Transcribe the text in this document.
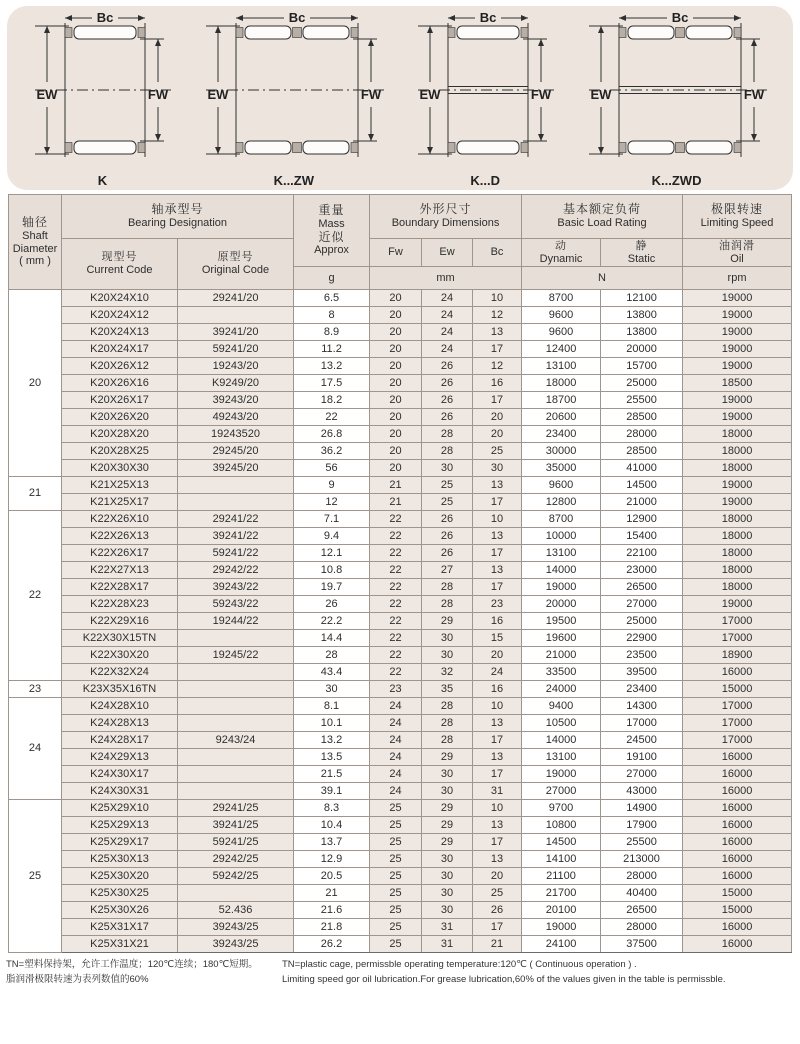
Bc
EW	FW
K
Bc
EW	FW
K...ZW
Bc
EW	FW
K...D
Bc
EW	FW
K...ZWD
轴径
Shaft
Diameter
( mm )

轴承型号
Bearing Designation

重量
Mass
近似
Approx

外形尺寸
Boundary Dimensions

基本额定负荷
Basic Load Rating

极限转速
Limiting Speed

现型号
Current Code

原型号
Original Code
	Fw	Ew	Bc	
动
Dynamic

静
Static

油润滑
Oil

			g	mm			N		rpm
20	K20X24X10	29241/20	6.5	20	24	10	8700	12100	19000
	K20X24X12		8	20	24	12	9600	13800	19000
	K20X24X13	39241/20	8.9	20	24	13	9600	13800	19000
	K20X24X17	59241/20	11.2	20	24	17	12400	20000	19000
	K20X26X12	19243/20	13.2	20	26	12	13100	15700	19000
	K20X26X16	K9249/20	17.5	20	26	16	18000	25000	18500
	K20X26X17	39243/20	18.2	20	26	17	18700	25500	19000
	K20X26X20	49243/20	22	20	26	20	20600	28500	19000
	K20X28X20	19243520	26.8	20	28	20	23400	28000	18000
	K20X28X25	29245/20	36.2	20	28	25	30000	28500	18000
	K20X30X30	39245/20	56	20	30	30	35000	41000	18000
21	K21X25X13		9	21	25	13	9600	14500	19000
	K21X25X17		12	21	25	17	12800	21000	19000
22	K22X26X10	29241/22	7.1	22	26	10	8700	12900	18000
	K22X26X13	39241/22	9.4	22	26	13	10000	15400	18000
	K22X26X17	59241/22	12.1	22	26	17	13100	22100	18000
	K22X27X13	29242/22	10.8	22	27	13	14000	23000	18000
	K22X28X17	39243/22	19.7	22	28	17	19000	26500	18000
	K22X28X23	59243/22	26	22	28	23	20000	27000	19000
	K22X29X16	19244/22	22.2	22	29	16	19500	25000	17000
	K22X30X15TN		14.4	22	30	15	19600	22900	17000
	K22X30X20	19245/22	28	22	30	20	21000	23500	18900
	K22X32X24		43.4	22	32	24	33500	39500	16000
23	K23X35X16TN		30	23	35	16	24000	23400	15000
24	K24X28X10		8.1	24	28	10	9400	14300	17000
	K24X28X13		10.1	24	28	13	10500	17000	17000
	K24X28X17	9243/24	13.2	24	28	17	14000	24500	17000
	K24X29X13		13.5	24	29	13	13100	19100	16000
	K24X30X17		21.5	24	30	17	19000	27000	16000
	K24X30X31		39.1	24	30	31	27000	43000	16000
25	K25X29X10	29241/25	8.3	25	29	10	9700	14900	16000
	K25X29X13	39241/25	10.4	25	29	13	10800	17900	16000
	K25X29X17	59241/25	13.7	25	29	17	14500	25500	16000
	K25X30X13	29242/25	12.9	25	30	13	14100	213000	16000
	K25X30X20	59242/25	20.5	25	30	20	21100	28000	16000
	K25X30X25		21	25	30	25	21700	40400	15000
	K25X30X26	52.436	21.6	25	30	26	20100	26500	15000
	K25X31X17	39243/25	21.8	25	31	17	19000	28000	16000
	K25X31X21	39243/25	26.2	25	31	21	24100	37500	16000
TN=塑料保持架，允许工作温度；120℃连续；180℃短期。
脂润滑极限转速为表列数值的60%
TN=plastic cage, permissble operating temperature:120℃ ( Continuous operation ) .
Limiting speed gor oil lubrication.For grease lubrication,60% of the values given in the table is permissble.
